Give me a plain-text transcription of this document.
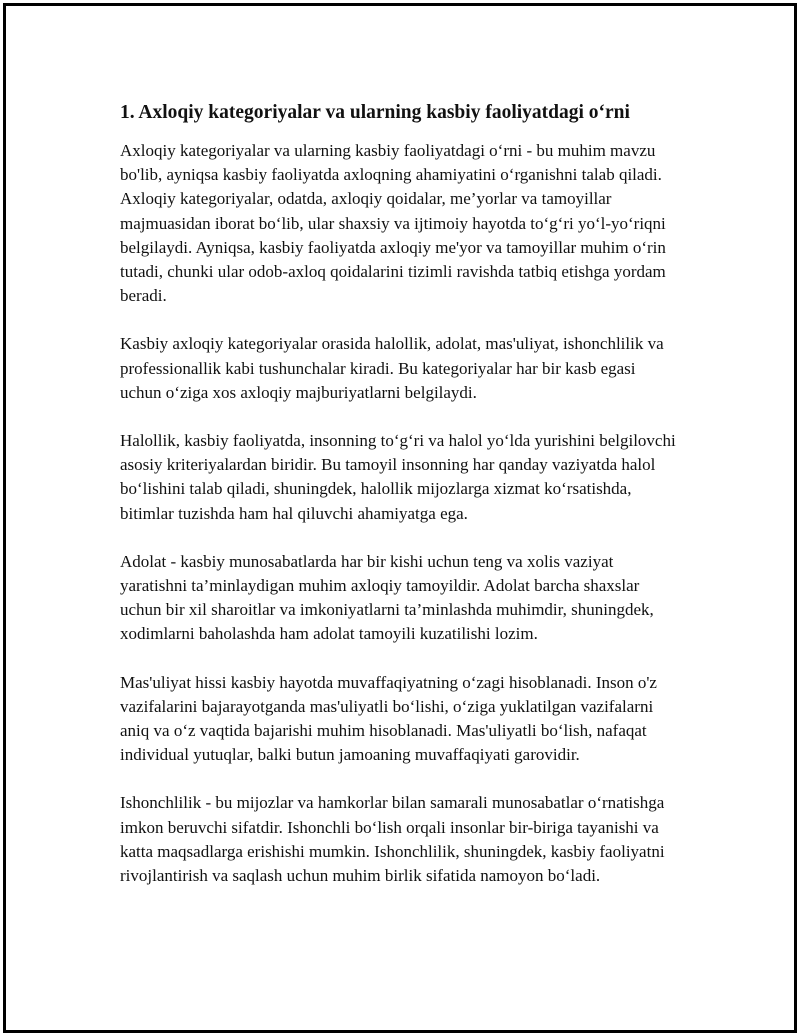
1. Axloqiy kategoriyalar va ularning kasbiy faoliyatdagi o‘rni

Axloqiy kategoriyalar va ularning kasbiy faoliyatdagi o‘rni - bu muhim mavzu bo'lib, ayniqsa kasbiy faoliyatda axloqning ahamiyatini o‘rganishni talab qiladi. Axloqiy kategoriyalar, odatda, axloqiy qoidalar, me’yorlar va tamoyillar majmuasidan iborat bo‘lib, ular shaxsiy va ijtimoiy hayotda to‘g‘ri yo‘l-yo‘riqni belgilaydi. Ayniqsa, kasbiy faoliyatda axloqiy me'yor va tamoyillar muhim o‘rin tutadi, chunki ular odob-axloq qoidalarini tizimli ravishda tatbiq etishga yordam beradi.

Kasbiy axloqiy kategoriyalar orasida halollik, adolat, mas'uliyat, ishonchlilik va professionallik kabi tushunchalar kiradi. Bu kategoriyalar har bir kasb egasi uchun o‘ziga xos axloqiy majburiyatlarni belgilaydi.

Halollik, kasbiy faoliyatda, insonning to‘g‘ri va halol yo‘lda yurishini belgilovchi asosiy kriteriyalardan biridir. Bu tamoyil insonning har qanday vaziyatda halol bo‘lishini talab qiladi, shuningdek, halollik mijozlarga xizmat ko‘rsatishda, bitimlar tuzishda ham hal qiluvchi ahamiyatga ega.

Adolat - kasbiy munosabatlarda har bir kishi uchun teng va xolis vaziyat yaratishni ta’minlaydigan muhim axloqiy tamoyildir. Adolat barcha shaxslar uchun bir xil sharoitlar va imkoniyatlarni ta’minlashda muhimdir, shuningdek, xodimlarni baholashda ham adolat tamoyili kuzatilishi lozim.

Mas'uliyat hissi kasbiy hayotda muvaffaqiyatning o‘zagi hisoblanadi. Inson o'z vazifalarini bajarayotganda mas'uliyatli bo‘lishi, o‘ziga yuklatilgan vazifalarni aniq va o‘z vaqtida bajarishi muhim hisoblanadi. Mas'uliyatli bo‘lish, nafaqat individual yutuqlar, balki butun jamoaning muvaffaqiyati garovidir.

Ishonchlilik - bu mijozlar va hamkorlar bilan samarali munosabatlar o‘rnatishga imkon beruvchi sifatdir. Ishonchli bo‘lish orqali insonlar bir-biriga tayanishi va katta maqsadlarga erishishi mumkin. Ishonchlilik, shuningdek, kasbiy faoliyatni rivojlantirish va saqlash uchun muhim birlik sifatida namoyon bo‘ladi.
